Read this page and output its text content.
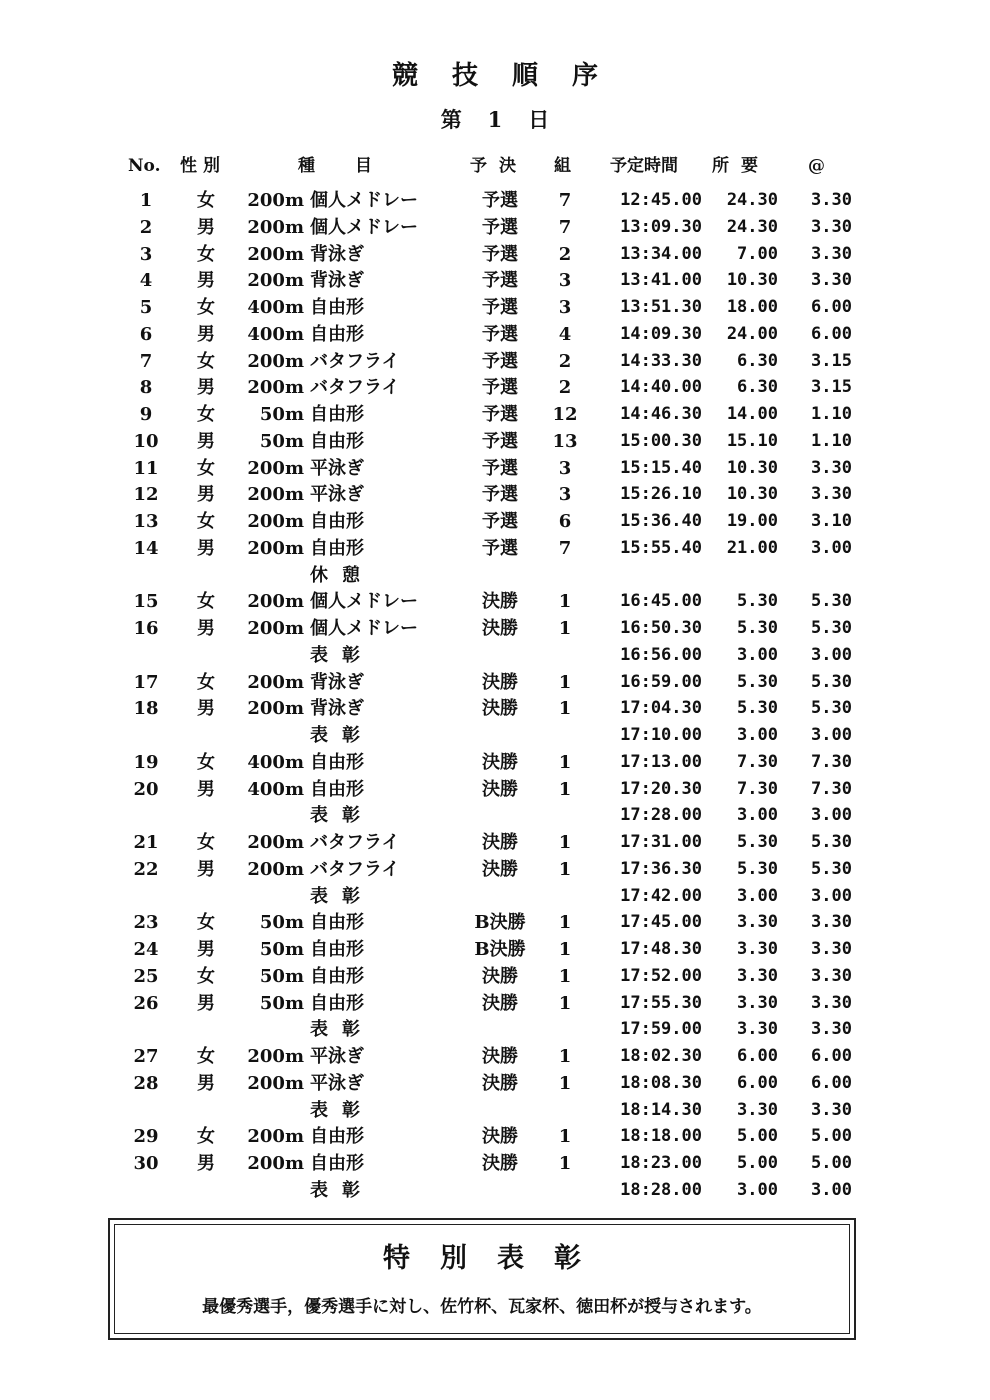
競技順序
第1日
No. 性別	種目	予決 組 予定時間 所要 @
1	女	200m 個人メドレー	予選	7	12:45.00	24.30	3.30
2	男	200m 個人メドレー	予選	7	13:09.30	24.30	3.30
3	女	200m 背泳ぎ	予選	2	13:34.00	7.00	3.30
4	男	200m 背泳ぎ	予選	3	13:41.00	10.30	3.30
5	女	400m 自由形	予選	3	13:51.30	18.00	6.00
6	男	400m 自由形	予選	4	14:09.30	24.00	6.00
7	女	200m バタフライ	予選	2	14:33.30	6.30	3.15
8	男	200m バタフライ	予選	2	14:40.00	6.30	3.15
9	女	50m 自由形	予選	12	14:46.30	14.00	1.10
10	男	50m 自由形	予選	13	15:00.30	15.10	1.10
11	女	200m 平泳ぎ	予選	3	15:15.40	10.30	3.30
12	男	200m 平泳ぎ	予選	3	15:26.10	10.30	3.30
13	女	200m 自由形	予選	6	15:36.40	19.00	3.10
14	男	200m 自由形	予選	7	15:55.40	21.00	3.00
休憩
15	女	200m 個人メドレー	決勝	1	16:45.00	5.30	5.30
16	男	200m 個人メドレー	決勝	1	16:50.30	5.30	5.30
表彰	16:56.00	3.00	3.00
17	女	200m 背泳ぎ	決勝	1	16:59.00	5.30	5.30
18	男	200m 背泳ぎ	決勝	1	17:04.30	5.30	5.30
表彰	17:10.00	3.00	3.00
19	女	400m 自由形	決勝	1	17:13.00	7.30	7.30
20	男	400m 自由形	決勝	1	17:20.30	7.30	7.30
表彰	17:28.00	3.00	3.00
21	女	200m バタフライ	決勝	1	17:31.00	5.30	5.30
22	男	200m バタフライ	決勝	1	17:36.30	5.30	5.30
表彰	17:42.00	3.00	3.00
23	女	50m 自由形	B決勝	1	17:45.00	3.30	3.30
24	男	50m 自由形	B決勝	1	17:48.30	3.30	3.30
25	女	50m 自由形	決勝	1	17:52.00	3.30	3.30
26	男	50m 自由形	決勝	1	17:55.30	3.30	3.30
表彰	17:59.00	3.30	3.30
27	女	200m 平泳ぎ	決勝	1	18:02.30	6.00	6.00
28	男	200m 平泳ぎ	決勝	1	18:08.30	6.00	6.00
表彰	18:14.30	3.30	3.30
29	女	200m 自由形	決勝	1	18:18.00	5.00	5.00
30	男	200m 自由形	決勝	1	18:23.00	5.00	5.00
表彰	18:28.00	3.00	3.00
特別表彰
最優秀選手，優秀選手に対し、佐竹杯、瓦家杯、徳田杯が授与されます。
